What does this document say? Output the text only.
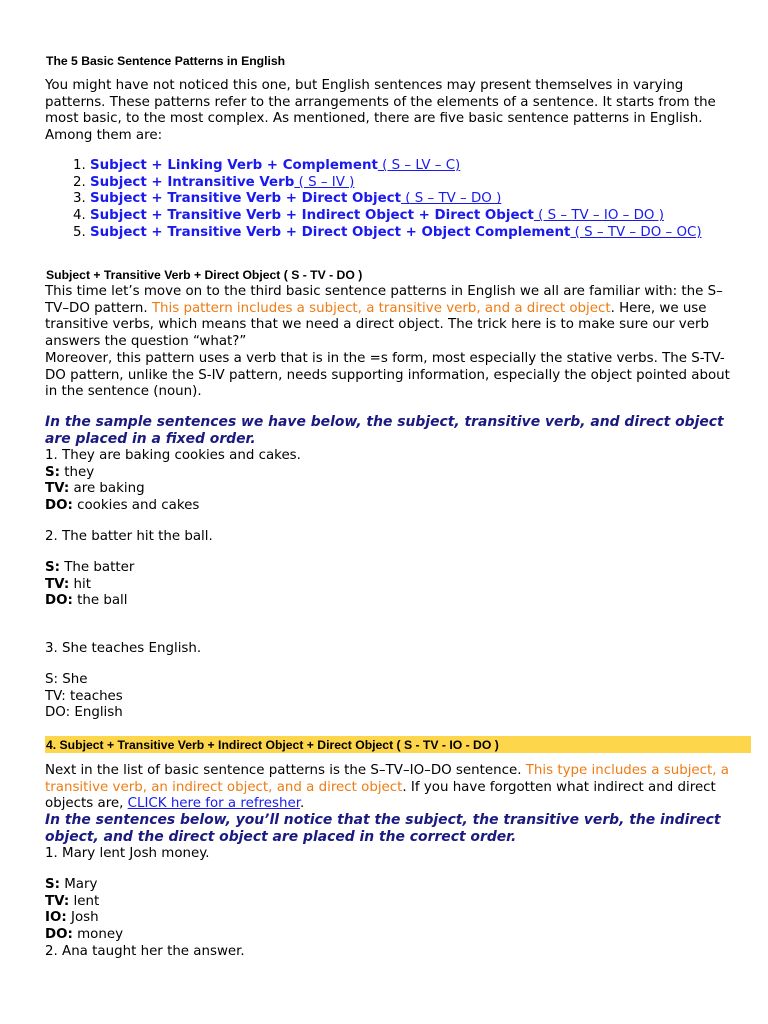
The 5 Basic Sentence Patterns in English

You might have not noticed this one, but English sentences may present themselves in varying patterns. These patterns refer to the arrangements of the elements of a sentence. It starts from the most basic, to the most complex. As mentioned, there are five basic sentence patterns in English. Among them are:

1. Subject + Linking Verb + Complement ( S – LV – C)
2. Subject + Intransitive Verb ( S – IV )
3. Subject + Transitive Verb + Direct Object ( S – TV – DO )
4. Subject + Transitive Verb + Indirect Object + Direct Object ( S – TV – IO – DO )
5. Subject + Transitive Verb + Direct Object + Object Complement ( S – TV – DO – OC)
Subject + Transitive Verb + Direct Object ( S - TV - DO )

This time let’s move on to the third basic sentence patterns in English we all are familiar with: the S–TV–DO pattern. This pattern includes a subject, a transitive verb, and a direct object. Here, we use transitive verbs, which means that we need a direct object. The trick here is to make sure our verb answers the question “what?”

Moreover, this pattern uses a verb that is in the =s form, most especially the stative verbs. The S-TV-DO pattern, unlike the S-IV pattern, needs supporting information, especially the object pointed about in the sentence (noun).

In the sample sentences we have below, the subject, transitive verb, and direct object are placed in a fixed order.

1. They are baking cookies and cakes.

S: they

TV: are baking

DO: cookies and cakes

2. The batter hit the ball.

S: The batter

TV: hit

DO: the ball

3. She teaches English.

S: She

TV: teaches

DO: English

4. Subject + Transitive Verb + Indirect Object + Direct Object ( S - TV - IO - DO )

Next in the list of basic sentence patterns is the S–TV–IO–DO sentence. This type includes a subject, a transitive verb, an indirect object, and a direct object. If you have forgotten what indirect and direct objects are, CLICK here for a refresher.

In the sentences below, you’ll notice that the subject, the transitive verb, the indirect object, and the direct object are placed in the correct order.

1. Mary lent Josh money.

S: Mary

TV: lent

IO: Josh

DO: money

2. Ana taught her the answer.
